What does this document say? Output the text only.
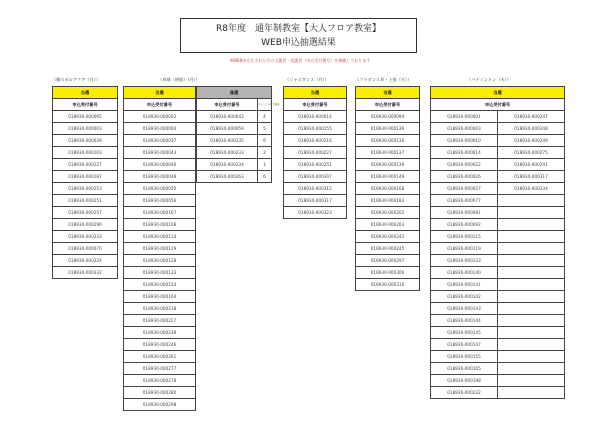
R8年度　通年制教室【大人フロア教室】
WEB申込抽選結果
※WEB申込をされた方の当選者・落選者（申込受付番号）を掲載しております
（脂スポルアクア（月））	（卓球（初級）（月））	（ジャズダンス（月））	（フラダンスＢ・上級（火））	（バドミントン（火））
当選
申込受付番号
018930-000065
018930-000003
018930-000039
018930-000103
018930-000127
018930-000187
018930-000253
018930-000251
018930-000257
018930-000296
018930-000333
018930-000070
018930-000324
018930-000332
当選
申込受付番号
018930-000002
018930-000004
018930-000037
018930-000043
018930-000046
018930-000048
018930-000050
018930-000056
018930-000107
018930-000108
018930-000114
018930-000129
018930-000128
018930-000133
018930-000154
018930-000164
018930-000218
018930-000227
018930-000239
018930-000246
018930-000261
018930-000277
018930-000278
018930-000280
018930-000298
落選	
申込受付番号	キャンセル待ち順番
018930-000042	4
018930-000059	5
018930-000135	6
018930-000233	2
018930-000234	1
018930-000263	6
当選
申込受付番号
018930-000014
018930-000155
018930-000216
018930-000227
018930-000251
018930-000307
018930-000312
018930-000317
018930-000323
当選
申込受付番号
018930-000094
018930-000136
018930-000136
018930-000137
018930-000139
018930-000149
018930-000168
018930-000182
018930-000202
018930-000203
018930-000243
018930-000245
018930-000297
018930-000306
018930-000316
当選	
申込受付番号	
018930-000001	018930-000247
018930-000003	018930-000248
018930-000010	018930-000249
018930-000014	018930-000275
018930-000022	018930-000291
018930-000026	018930-000317
018930-000027	018930-000334
018930-000077	
018930-000081	
018930-000092	
018930-000115	
018930-000119	
018930-000133	
018930-000140	
018930-000141	
018930-000142	
018930-000143	
018930-000144	
018930-000145	
018930-000147	
018930-000155	
018930-000165	
018930-000198	
018930-000232	
